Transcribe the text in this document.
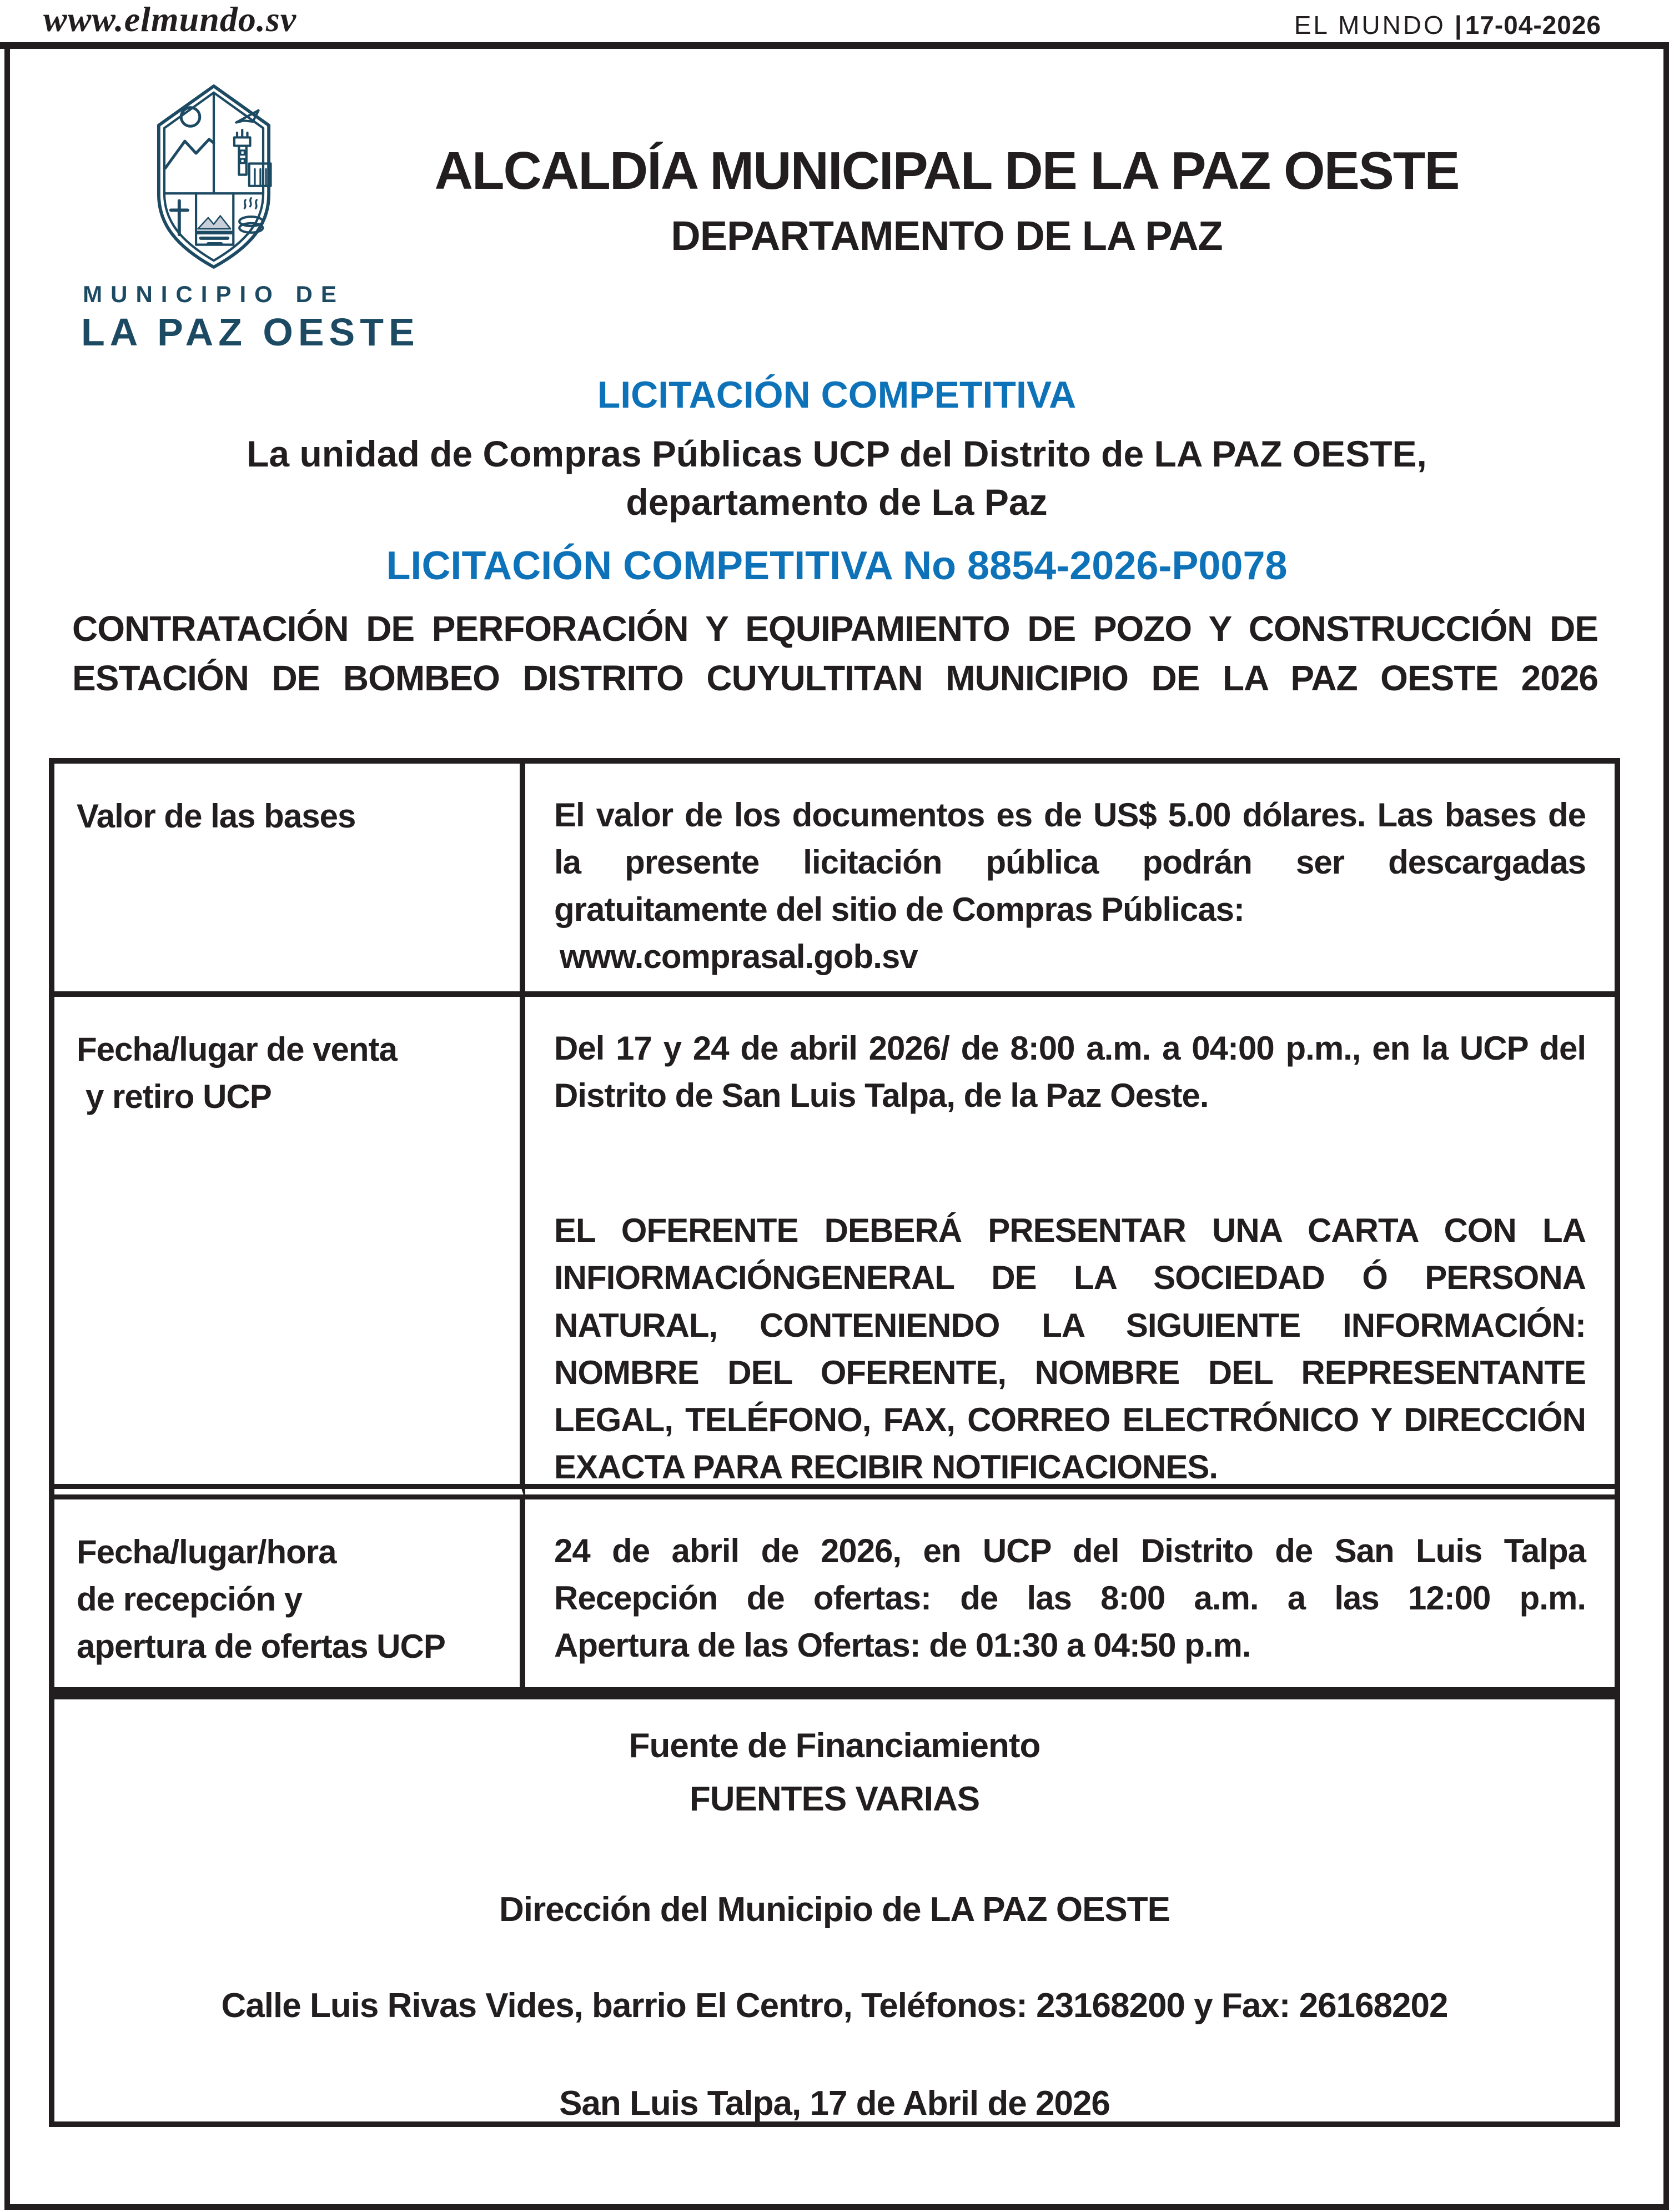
www.elmundo.sv	EL MUNDO | 17-04-2026
MUNICIPIO DE
LA PAZ OESTE
ALCALDÍA MUNICIPAL DE LA PAZ OESTE
DEPARTAMENTO DE LA PAZ
LICITACIÓN COMPETITIVA
La unidad de Compras Públicas UCP del Distrito de LA PAZ OESTE,
departamento de La Paz
LICITACIÓN COMPETITIVA No 8854-2026-P0078

CONTRATACIÓN DE PERFORACIÓN Y EQUIPAMIENTO DE POZO Y CONSTRUCCIÓN DE ESTACIÓN DE BOMBEO DISTRITO CUYULTITAN MUNICIPIO DE LA PAZ OESTE 2026

Valor de las bases	El valor de los documentos es de US$ 5.00 dólares. Las bases de la presente licitación pública podrán ser descargadas gratuitamente del sitio de Compras Públicas:
www.comprasal.gob.sv
Fecha/lugar de venta
y retiro UCP
Del 17 y 24 de abril 2026/ de 8:00 a.m. a 04:00 p.m., en la UCP del Distrito de San Luis Talpa, de la Paz Oeste.
EL OFERENTE DEBERÁ PRESENTAR UNA CARTA CON LA INFIORMACIÓNGENERAL DE LA SOCIEDAD Ó PERSONA NATURAL, CONTENIENDO LA SIGUIENTE INFORMACIÓN: NOMBRE DEL OFERENTE, NOMBRE DEL REPRESENTANTE LEGAL, TELÉFONO, FAX, CORREO ELECTRÓNICO Y DIRECCIÓN EXACTA PARA RECIBIR NOTIFICACIONES.
Fecha/lugar/hora
de recepción y
apertura de ofertas UCP
24 de abril de 2026, en UCP del Distrito de San Luis Talpa
Recepción de ofertas: de las 8:00 a.m. a las 12:00 p.m.
Apertura de las Ofertas: de 01:30 a 04:50 p.m.
Fuente de Financiamiento
FUENTES VARIAS
Dirección del Municipio de LA PAZ OESTE
Calle Luis Rivas Vides, barrio El Centro, Teléfonos: 23168200 y Fax: 26168202
San Luis Talpa, 17 de Abril de 2026
